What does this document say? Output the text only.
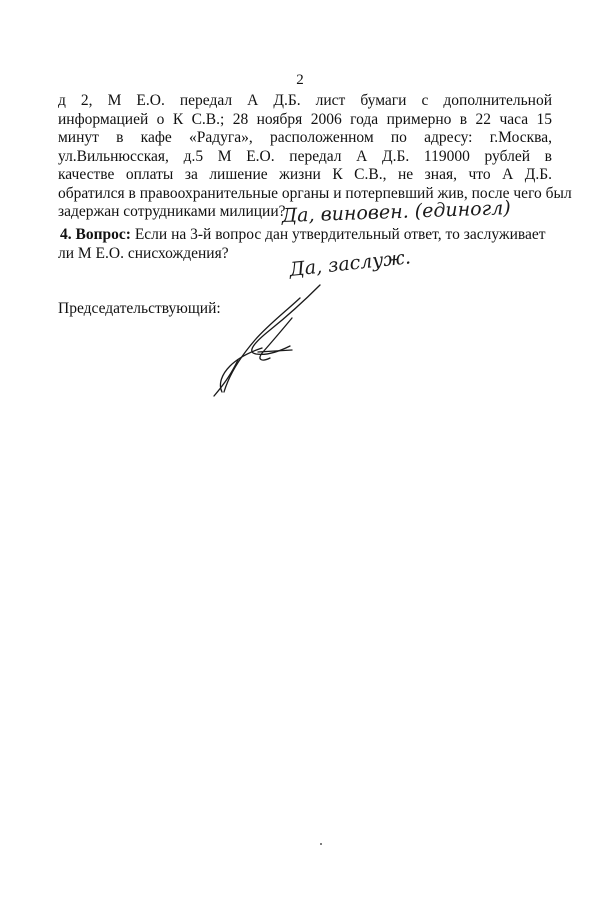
2
д 2, М Е.О. передал А Д.Б. лист бумаги с дополнительной
информацией о К С.В.; 28 ноября 2006 года примерно в 22 часа 15
минут в кафе «Радуга», расположенном по адресу: г.Москва,
ул.Вильнюсская, д.5 М Е.О. передал А Д.Б. 119000 рублей в
качестве оплаты за лишение жизни К С.В., не зная, что А Д.Б.
обратился в правоохранительные органы и потерпевший жив, после чего был
задержан сотрудниками милиции?
4. Вопрос: Если на 3-й вопрос дан утвердительный ответ, то заслуживает
ли М Е.О. снисхождения?
Председательствующий:
Да, виновен. (единогл)
Да, заслуж.
